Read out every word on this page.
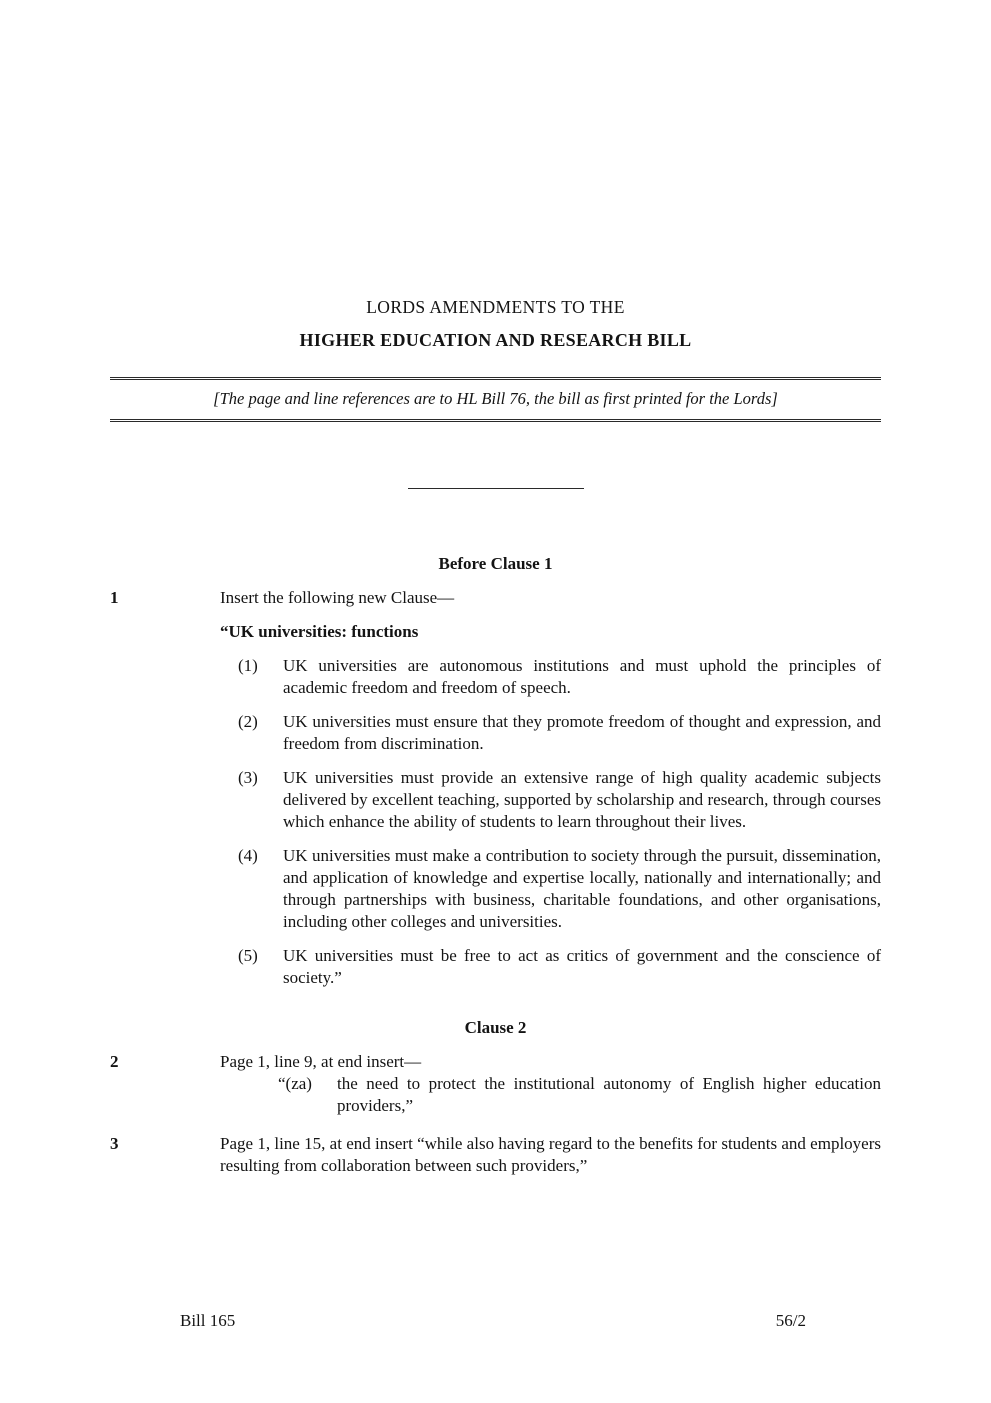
LORDS AMENDMENTS TO THE
HIGHER EDUCATION AND RESEARCH BILL
[The page and line references are to HL Bill 76, the bill as first printed for the Lords]
Before Clause 1
1	Insert the following new Clause—

“UK universities: functions

(1)	UK universities are autonomous institutions and must uphold the principles of academic freedom and freedom of speech.
(2)	UK universities must ensure that they promote freedom of thought and expression, and freedom from discrimination.
(3)	UK universities must provide an extensive range of high quality academic subjects delivered by excellent teaching, supported by scholarship and research, through courses which enhance the ability of students to learn throughout their lives.
(4)	UK universities must make a contribution to society through the pursuit, dissemination, and application of knowledge and expertise locally, nationally and internationally; and through partnerships with business, charitable foundations, and other organisations, including other colleges and universities.
(5)	UK universities must be free to act as critics of government and the conscience of society.”
Clause 2
2	Page 1, line 9, at end insert—

“(za)	the need to protect the institutional autonomy of English higher education providers,”
3	Page 1, line 15, at end insert “while also having regard to the benefits for students and employers resulting from collaboration between such providers,”

Bill 165	56/2
